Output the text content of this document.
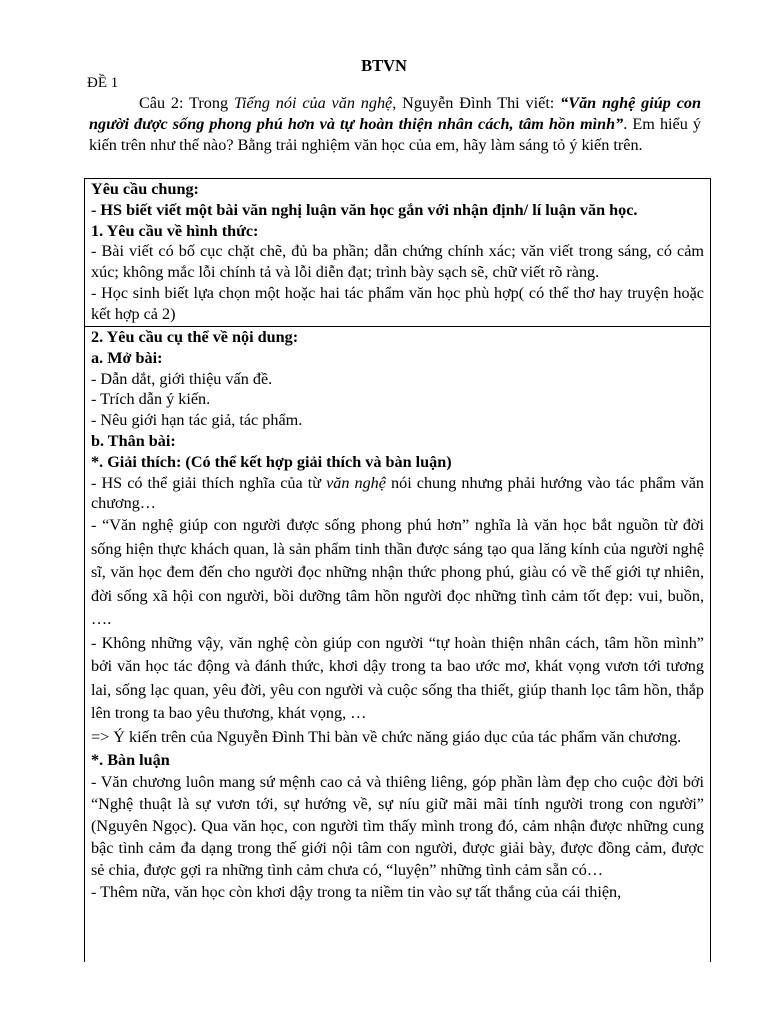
BTVN
ĐỀ 1
Câu 2: Trong Tiếng nói của văn nghệ, Nguyễn Đình Thi viết: “Văn nghệ giúp con người được sống phong phú hơn và tự hoàn thiện nhân cách, tâm hồn mình”. Em hiểu ý kiến trên như thế nào? Bằng trải nghiệm văn học của em, hãy làm sáng tỏ ý kiến trên.

Yêu cầu chung:

- HS biết viết một bài văn nghị luận văn học gắn với nhận định/ lí luận văn học.

1. Yêu cầu về hình thức:

- Bài viết có bố cục chặt chẽ, đủ ba phần; dẫn chứng chính xác; văn viết trong sáng, có cảm xúc; không mắc lỗi chính tả và lỗi diễn đạt; trình bày sạch sẽ, chữ viết rõ ràng.

- Học sinh biết lựa chọn một hoặc hai tác phẩm văn học phù hợp( có thể thơ hay truyện hoặc kết hợp cả 2)

2. Yêu cầu cụ thể về nội dung:

a. Mở bài:

- Dẫn dắt, giới thiệu vấn đề.

- Trích dẫn ý kiến.

- Nêu giới hạn tác giả, tác phẩm.

b. Thân bài:

*. Giải thích: (Có thể kết hợp giải thích và bàn luận)

- HS có thể giải thích nghĩa của từ văn nghệ nói chung nhưng phải hướng vào tác phẩm văn chương…

- “Văn nghệ giúp con người được sống phong phú hơn” nghĩa là văn học bắt nguồn từ đời sống hiện thực khách quan, là sản phẩm tinh thần được sáng tạo qua lăng kính của người nghệ sĩ, văn học đem đến cho người đọc những nhận thức phong phú, giàu có về thế giới tự nhiên, đời sống xã hội con người, bồi dưỡng tâm hồn người đọc những tình cảm tốt đẹp: vui, buồn, ….

- Không những vậy, văn nghệ còn giúp con người “tự hoàn thiện nhân cách, tâm hồn mình” bởi văn học tác động và đánh thức, khơi dậy trong ta bao ước mơ, khát vọng vươn tới tương lai, sống lạc quan, yêu đời, yêu con người và cuộc sống tha thiết, giúp thanh lọc tâm hồn, thắp lên trong ta bao yêu thương, khát vọng, …

=> Ý kiến trên của Nguyễn Đình Thi bàn về chức năng giáo dục của tác phẩm văn chương.

*. Bàn luận

- Văn chương luôn mang sứ mệnh cao cả và thiêng liêng, góp phần làm đẹp cho cuộc đời bởi “Nghệ thuật là sự vươn tới, sự hướng về, sự níu giữ mãi mãi tính người trong con người” (Nguyên Ngọc). Qua văn học, con người tìm thấy mình trong đó, cảm nhận được những cung bậc tình cảm đa dạng trong thế giới nội tâm con người, được giải bày, được đồng cảm, được sẻ chia, được gợi ra những tình cảm chưa có, “luyện” những tình cảm sẵn có…

- Thêm nữa, văn học còn khơi dậy trong ta niềm tin vào sự tất thắng của cái thiện,
